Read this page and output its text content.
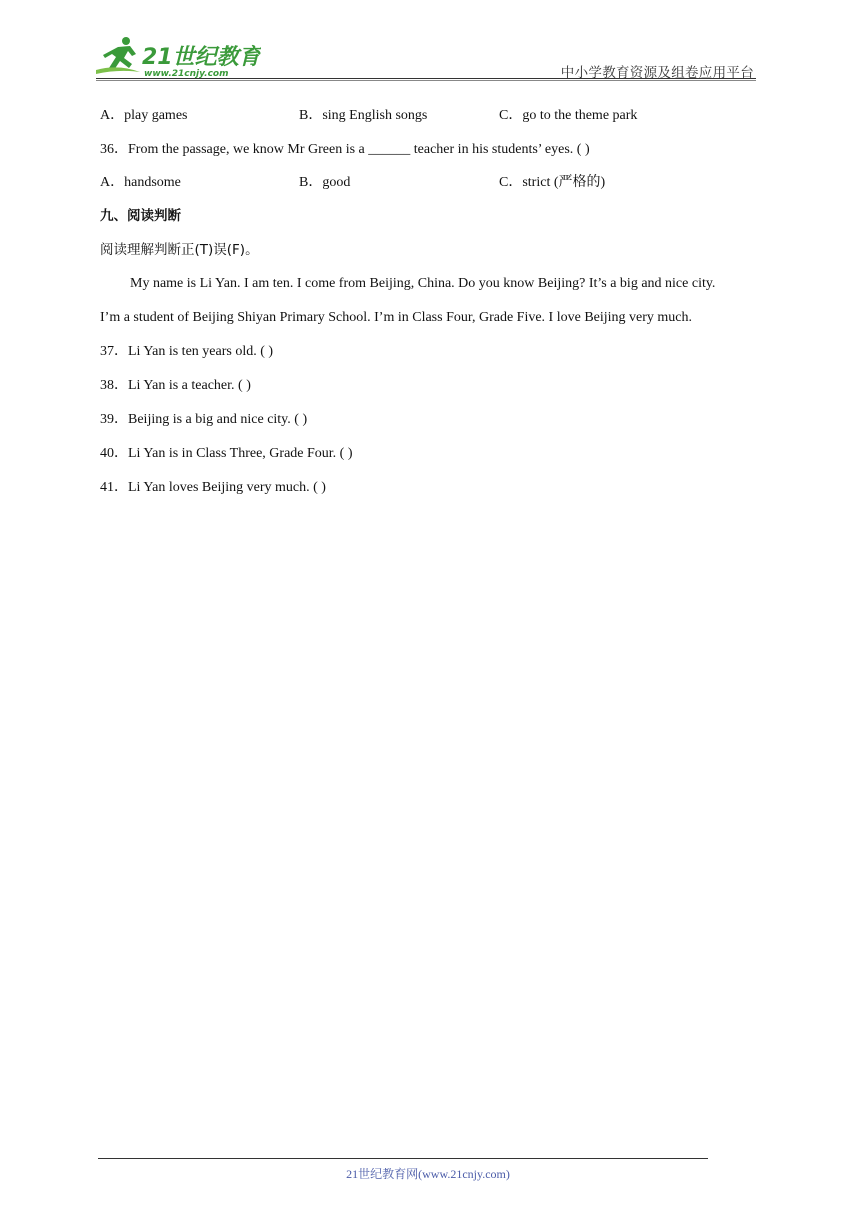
21世纪教育
www.21cnjy.com	中小学教育资源及组卷应用平台
A．play games	B．sing English songs	C．go to the theme park
36．From the passage, we know Mr Green is a ______ teacher in his students’ eyes. ( )
A．handsome	B．good	C．strict (严格的)
九、阅读判断
阅读理解判断正(T)误(F)。
My name is Li Yan. I am ten. I come from Beijing, China. Do you know Beijing? It’s a big and nice city.
I’m a student of Beijing Shiyan Primary School. I’m in Class Four, Grade Five. I love Beijing very much.
37．Li Yan is ten years old. ( )
38．Li Yan is a teacher. ( )
39．Beijing is a big and nice city. ( )
40．Li Yan is in Class Three, Grade Four. ( )
41．Li Yan loves Beijing very much. ( )
21世纪教育网(www.21cnjy.com)
